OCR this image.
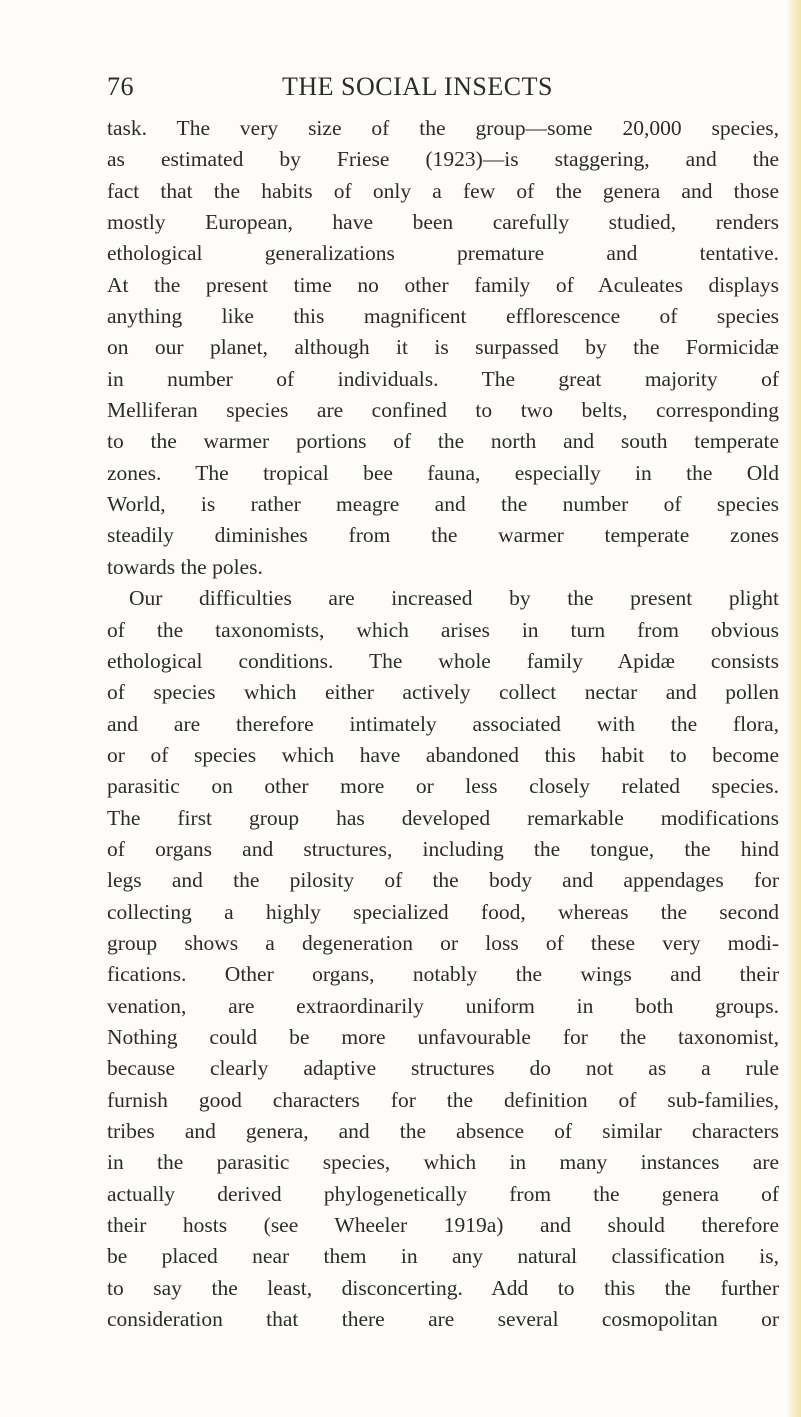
76	THE SOCIAL INSECTS
task. The very size of the group—some 20,000 species,
as estimated by Friese (1923)—is staggering, and the
fact that the habits of only a few of the genera and those
mostly European, have been carefully studied, renders
ethological generalizations premature and tentative.
At the present time no other family of Aculeates displays
anything like this magnificent efflorescence of species
on our planet, although it is surpassed by the Formicidæ
in number of individuals. The great majority of
Melliferan species are confined to two belts, corresponding
to the warmer portions of the north and south temperate
zones. The tropical bee fauna, especially in the Old
World, is rather meagre and the number of species
steadily diminishes from the warmer temperate zones
towards the poles.
Our difficulties are increased by the present plight
of the taxonomists, which arises in turn from obvious
ethological conditions. The whole family Apidæ consists
of species which either actively collect nectar and pollen
and are therefore intimately associated with the flora,
or of species which have abandoned this habit to become
parasitic on other more or less closely related species.
The first group has developed remarkable modifications
of organs and structures, including the tongue, the hind
legs and the pilosity of the body and appendages for
collecting a highly specialized food, whereas the second
group shows a degeneration or loss of these very modi-
fications. Other organs, notably the wings and their
venation, are extraordinarily uniform in both groups.
Nothing could be more unfavourable for the taxonomist,
because clearly adaptive structures do not as a rule
furnish good characters for the definition of sub-families,
tribes and genera, and the absence of similar characters
in the parasitic species, which in many instances are
actually derived phylogenetically from the genera of
their hosts (see Wheeler 1919a) and should therefore
be placed near them in any natural classification is,
to say the least, disconcerting. Add to this the further
consideration that there are several cosmopolitan or
